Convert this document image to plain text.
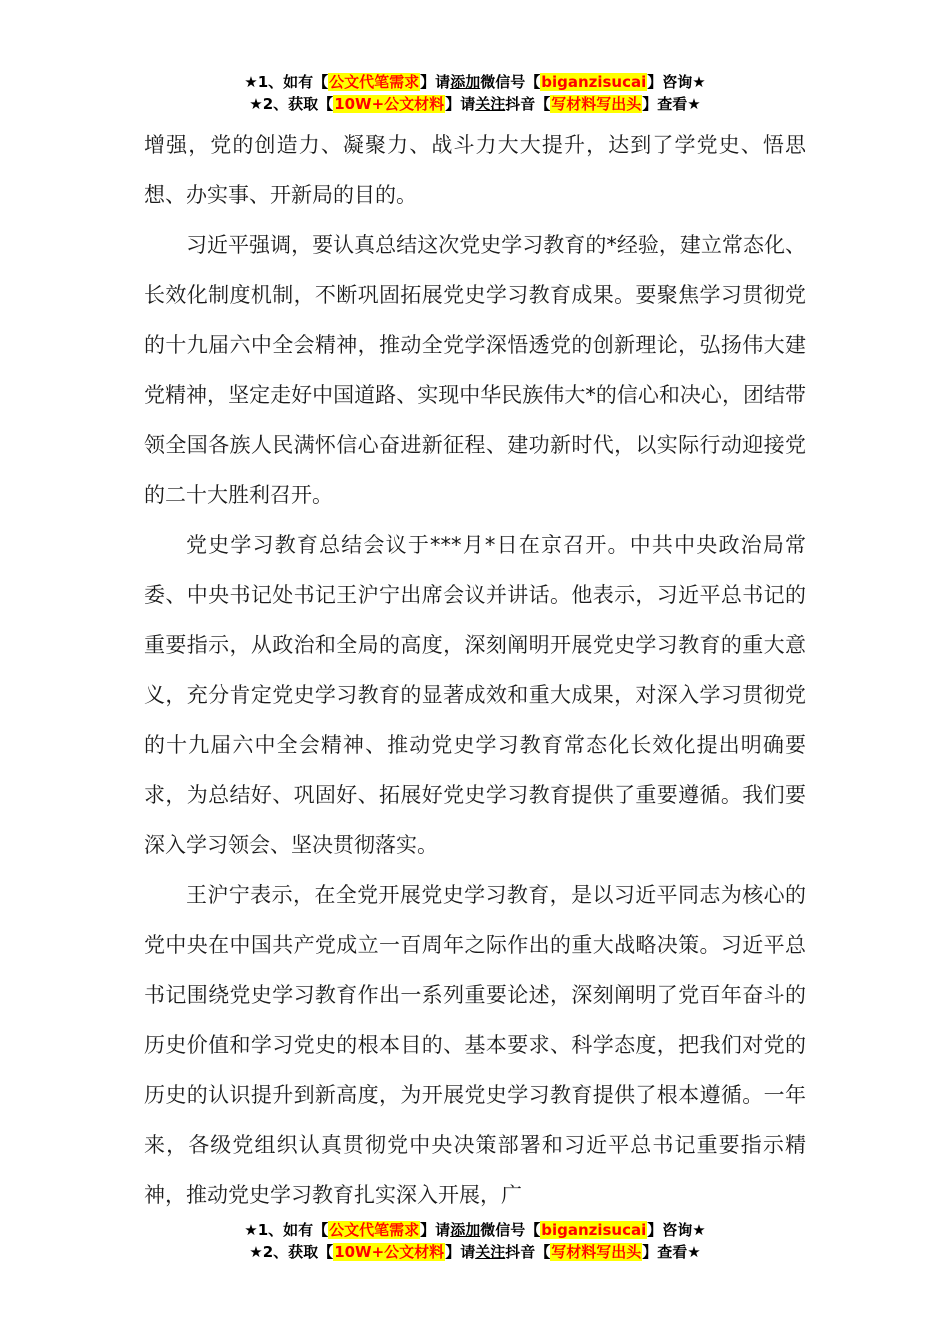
★1、如有【公文代笔需求】请添加微信号【biganzisucai】咨询★
★2、获取【10W+公文材料】请关注抖音【写材料写出头】查看★

增强，党的创造力、凝聚力、战斗力大大提升，达到了学党史、悟思想、办实事、开新局的目的。

习近平强调，要认真总结这次党史学习教育的*经验，建立常态化、长效化制度机制，不断巩固拓展党史学习教育成果。要聚焦学习贯彻党的十九届六中全会精神，推动全党学深悟透党的创新理论，弘扬伟大建党精神，坚定走好中国道路、实现中华民族伟大*的信心和决心，团结带领全国各族人民满怀信心奋进新征程、建功新时代，以实际行动迎接党的二十大胜利召开。

党史学习教育总结会议于***月*日在京召开。中共中央政治局常委、中央书记处书记王沪宁出席会议并讲话。他表示，习近平总书记的重要指示，从政治和全局的高度，深刻阐明开展党史学习教育的重大意义，充分肯定党史学习教育的显著成效和重大成果，对深入学习贯彻党的十九届六中全会精神、推动党史学习教育常态化长效化提出明确要求，为总结好、巩固好、拓展好党史学习教育提供了重要遵循。我们要深入学习领会、坚决贯彻落实。

王沪宁表示，在全党开展党史学习教育，是以习近平同志为核心的党中央在中国共产党成立一百周年之际作出的重大战略决策。习近平总书记围绕党史学习教育作出一系列重要论述，深刻阐明了党百年奋斗的历史价值和学习党史的根本目的、基本要求、科学态度，把我们对党的历史的认识提升到新高度，为开展党史学习教育提供了根本遵循。一年来，各级党组织认真贯彻党中央决策部署和习近平总书记重要指示精神，推动党史学习教育扎实深入开展，广

★1、如有【公文代笔需求】请添加微信号【biganzisucai】咨询★
★2、获取【10W+公文材料】请关注抖音【写材料写出头】查看★
